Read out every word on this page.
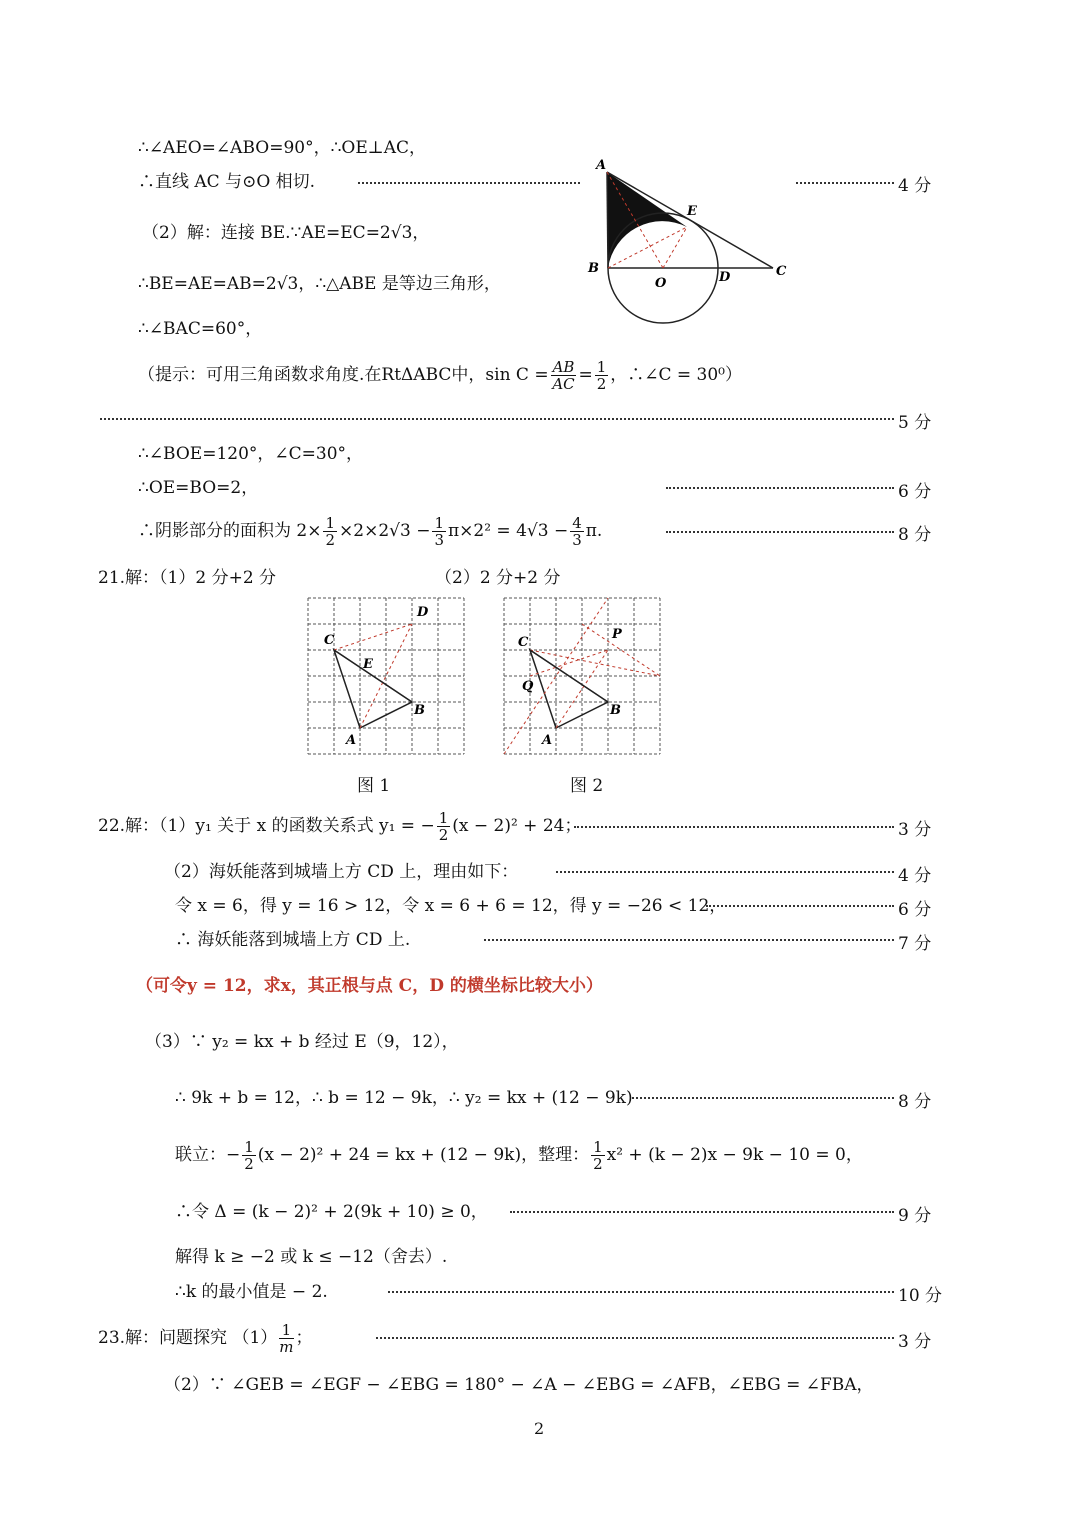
∴∠AEO=∠ABO=90°，∴OE⊥AC，
∴直线 AC 与⊙O 相切.	4 分
（2）解：连接 BE.∵AE=EC=2√3，
∴BE=AE=AB=2√3，∴△ABE 是等边三角形，
∴∠BAC=60°，
（提示：可用三角函数求角度.在RtΔABC中，$\sin C = \frac{AB}{AC} = \frac{1}{2}$ ，∴∠C = 30⁰）
5 分
∴∠BOE=120°，∠C=30°，
∴OE=BO=2，	6 分
∴阴影部分的面积为 $2\times \frac{1}{2} \times 2\times 2√3 - \frac{1}{3} \pi\times 2^2 = 4√3 - \frac{4}{3} \pi$.	8 分
A
B	C
D
E
O
21.解：（1）2 分+2 分	（2）2 分+2 分
C
D
E
B
A
图 1
C
P
Q
B
A
图 2
22.解：（1）y₁ 关于 x 的函数关系式 y₁ = − $\frac{1}{2} (x - 2)^2 + 24$；	3 分
（2）海妖能落到城墙上方 CD 上，理由如下：	4 分
令 x = 6，得 y = 16 > 12，令 x = 6 + 6 = 12，得 y = −26 < 12，	6 分
∴ 海妖能落到城墙上方 CD 上.	7 分
（可令y = 12，求x，其正根与点 C，D 的横坐标比较大小）
（3）∵ y₂ = kx + b 经过 E（9，12），
∴ 9k + b = 12，∴ b = 12 − 9k，∴ y₂ = kx + (12 − 9k)	8 分
联立：− $\frac{1}{2} (x - 2)^2 + 24$ = kx + (12 − 9k)，整理： $\frac{1}{2} x^2 + (k - 2)x - 9k - 10 = 0$，
∴令 Δ = (k − 2)² + 2(9k + 10) ≥ 0，	9 分
解得 k ≥ −2 或 k ≤ −12（舍去）.
∴k 的最小值是 − 2.	10 分
23.解：问题探究 $(1) \frac{1}{m}$ ；	3 分
（2）∵ ∠GEB = ∠EGF − ∠EBG = 180° − ∠A − ∠EBG = ∠AFB，∠EBG = ∠FBA，
2
